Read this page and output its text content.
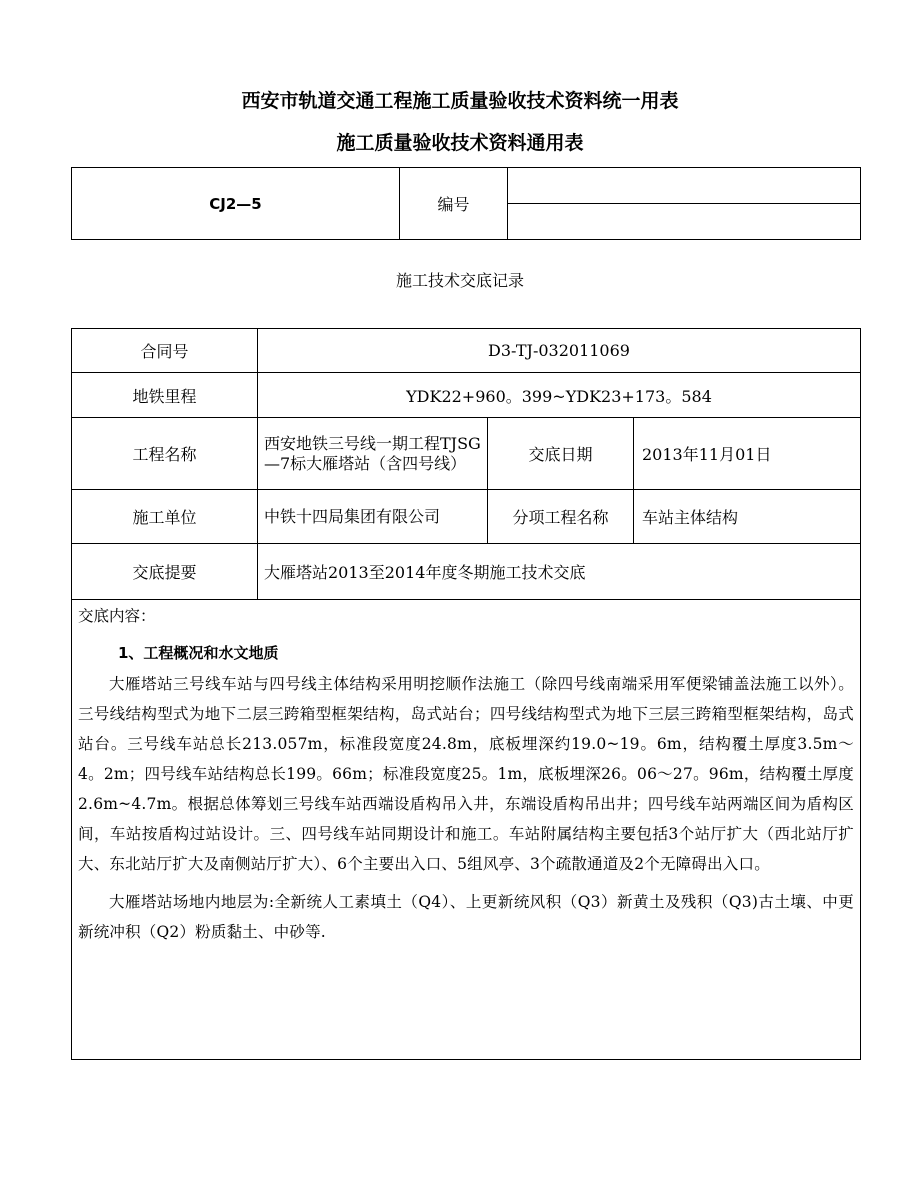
西安市轨道交通工程施工质量验收技术资料统一用表
施工质量验收技术资料通用表
CJ2—5	编号	

施工技术交底记录
合同号	D3-TJ-032011069		
地铁里程	YDK22+960。399~YDK23+173。584		
工程名称	西安地铁三号线一期工程TJSG—7标大雁塔站（含四号线）	交底日期	2013年11月01日
施工单位	中铁十四局集团有限公司	分项工程名称	车站主体结构
交底提要	大雁塔站2013至2014年度冬期施工技术交底		

交底内容：
1、工程概况和水文地质
大雁塔站三号线车站与四号线主体结构采用明挖顺作法施工（除四号线南端采用军便梁铺盖法施工以外）。三号线结构型式为地下二层三跨箱型框架结构，岛式站台；四号线结构型式为地下三层三跨箱型框架结构，岛式站台。三号线车站总长213.057m，标准段宽度24.8m，底板埋深约19.0~19。6m，结构覆土厚度3.5m～4。2m；四号线车站结构总长199。66m；标准段宽度25。1m，底板埋深26。06～27。96m，结构覆土厚度2.6m~4.7m。根据总体筹划三号线车站西端设盾构吊入井，东端设盾构吊出井；四号线车站两端区间为盾构区间，车站按盾构过站设计。三、四号线车站同期设计和施工。车站附属结构主要包括3个站厅扩大（西北站厅扩大、东北站厅扩大及南侧站厅扩大）、6个主要出入口、5组风亭、3个疏散通道及2个无障碍出入口。
大雁塔站场地内地层为:全新统人工素填土（Q4）、上更新统风积（Q3）新黄土及残积（Q3)古土壤、中更新统冲积（Q2）粉质黏土、中砂等.			
